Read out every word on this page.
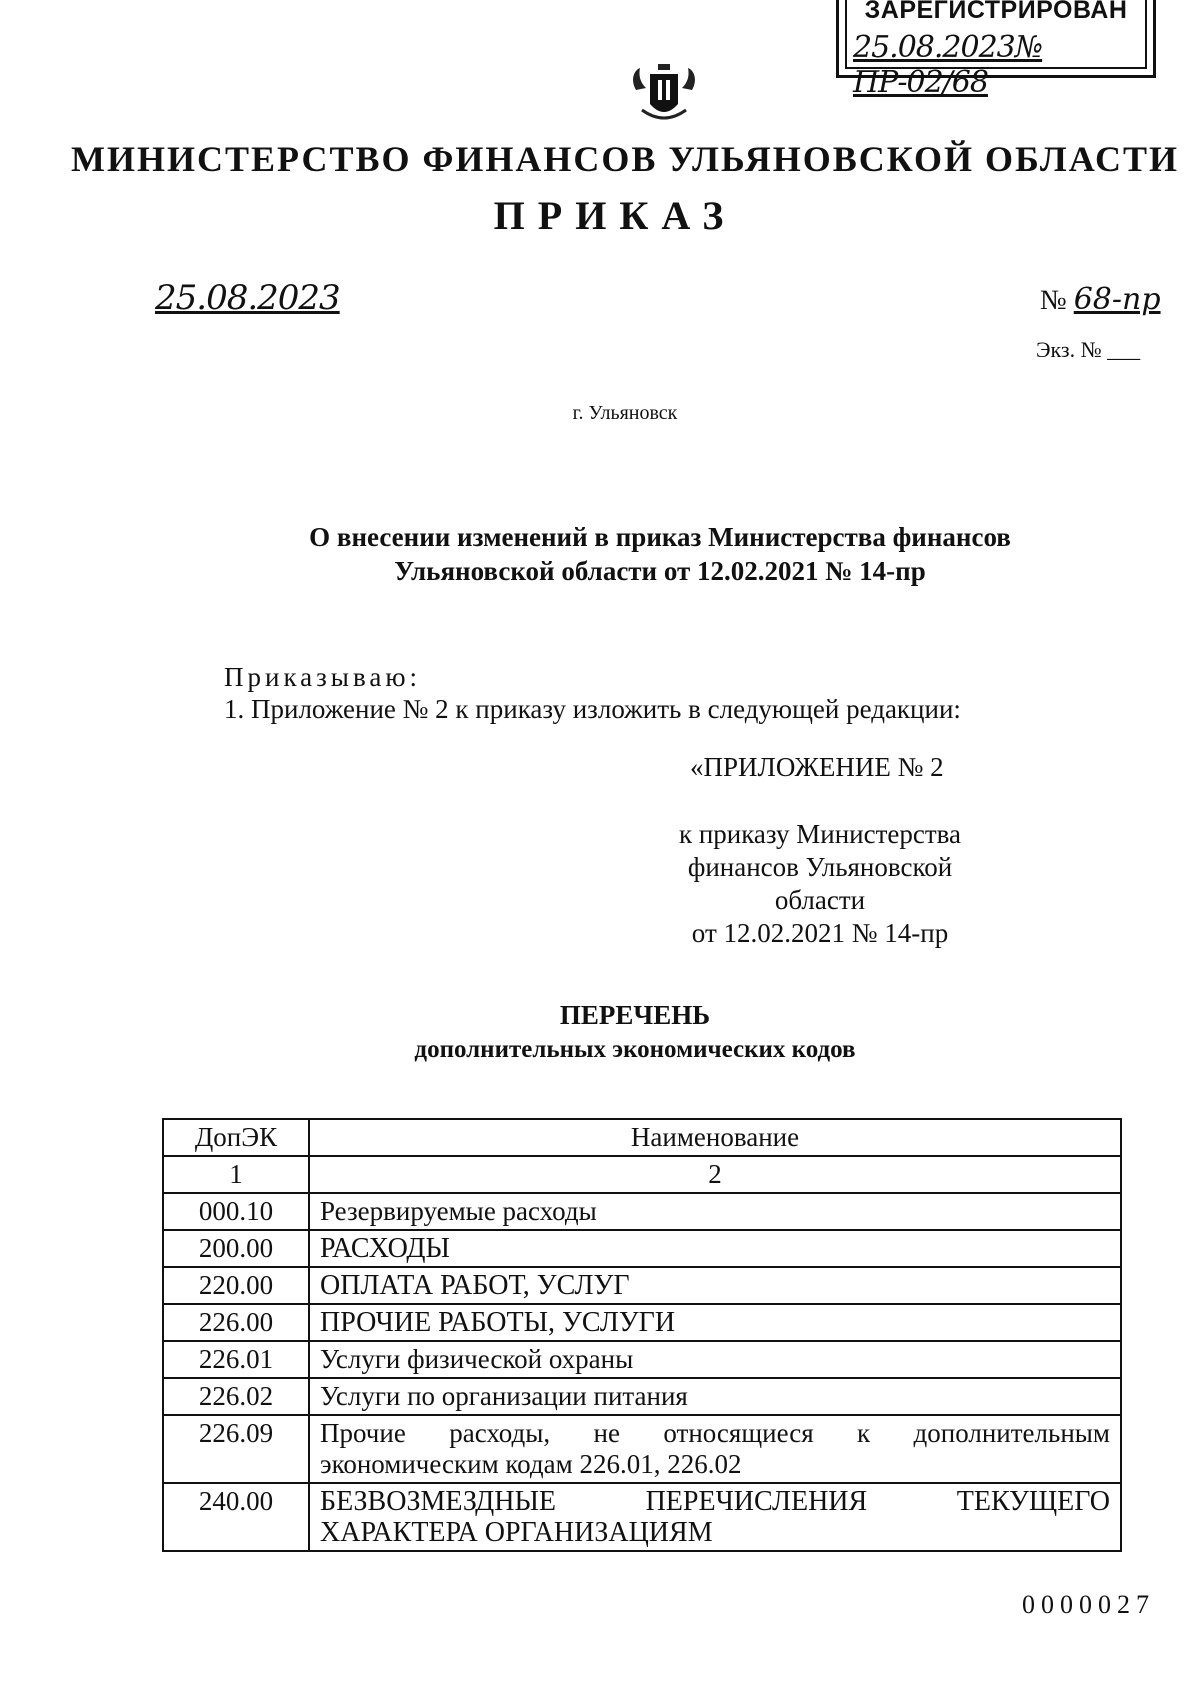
ЗАРЕГИСТРИРОВАН
25.08.2023№ ПР-02/68
МИНИСТЕРСТВО ФИНАНСОВ УЛЬЯНОВСКОЙ ОБЛАСТИ
ПРИКАЗ
25.08.2023	№ 68-пр
Экз. № ___
г. Ульяновск
О внесении изменений в приказ Министерства финансов
Ульяновской области от 12.02.2021 № 14-пр
Приказываю:
1. Приложение № 2 к приказу изложить в следующей редакции:
«ПРИЛОЖЕНИЕ № 2
к приказу Министерства
финансов Ульяновской
области
от 12.02.2021 № 14-пр
ПЕРЕЧЕНЬ
дополнительных экономических кодов
ДопЭК	Наименование
1	2
000.10	Резервируемые расходы
200.00	РАСХОДЫ
220.00	ОПЛАТА РАБОТ, УСЛУГ
226.00	ПРОЧИЕ РАБОТЫ, УСЛУГИ
226.01	Услуги физической охраны
226.02	Услуги по организации питания
226.09	Прочие расходы, не относящиеся к дополнительным
экономическим кодам 226.01, 226.02

240.00	БЕЗВОЗМЕЗДНЫЕ ПЕРЕЧИСЛЕНИЯ ТЕКУЩЕГО
ХАРАКТЕРА ОРГАНИЗАЦИЯМ
0000027
